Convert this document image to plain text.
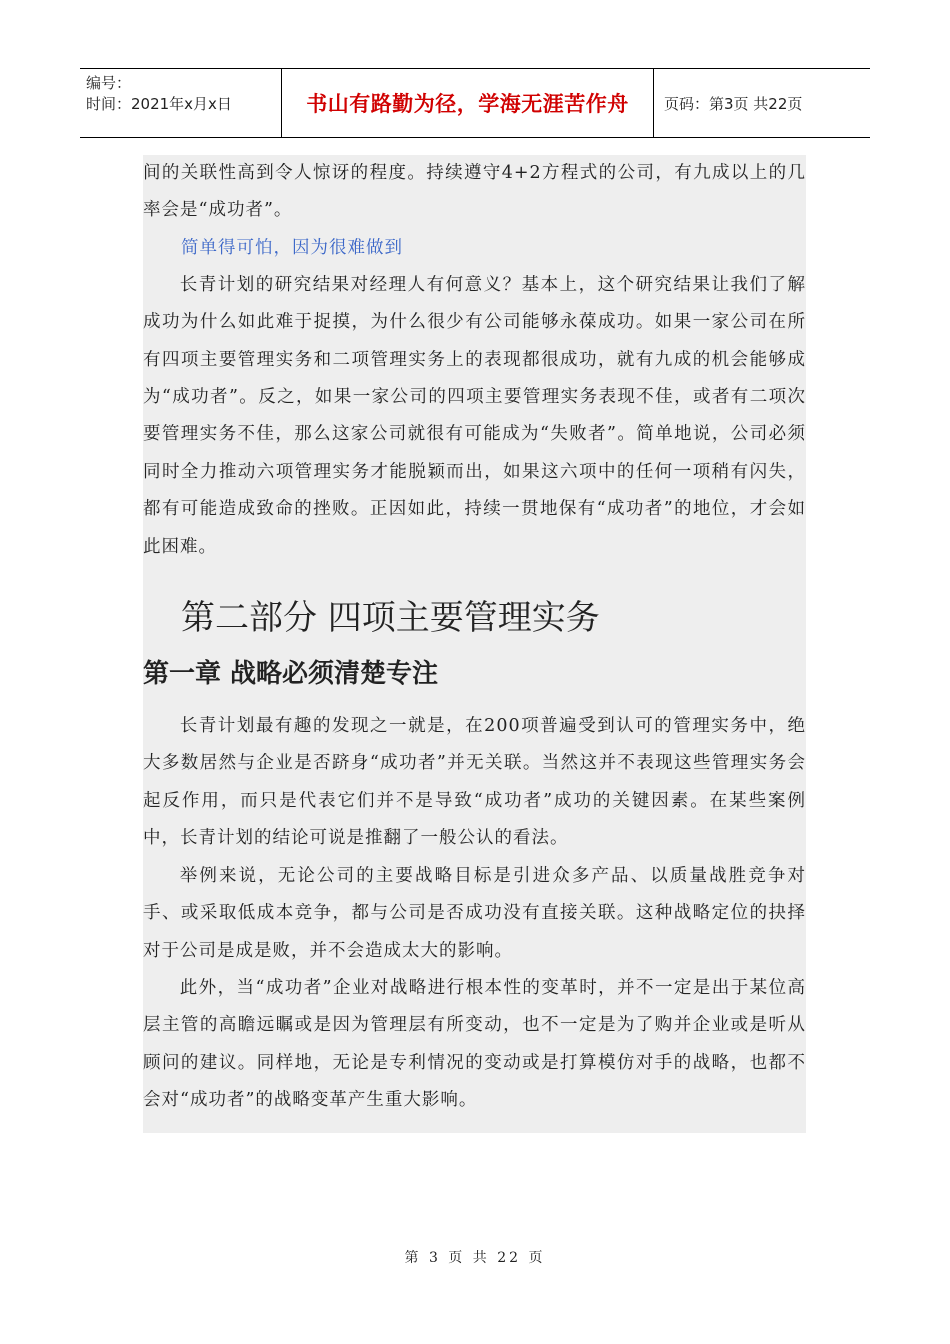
编号：
时间：2021年x月x日	书山有路勤为径，学海无涯苦作舟 页码：第3页 共22页

间的关联性高到令人惊讶的程度。持续遵守4+2方程式的公司，有九成以上的几率会是“成功者”。

简单得可怕，因为很难做到

长青计划的研究结果对经理人有何意义？基本上，这个研究结果让我们了解成功为什么如此难于捉摸，为什么很少有公司能够永葆成功。如果一家公司在所有四项主要管理实务和二项管理实务上的表现都很成功，就有九成的机会能够成为“成功者”。反之，如果一家公司的四项主要管理实务表现不佳，或者有二项次要管理实务不佳，那么这家公司就很有可能成为“失败者”。简单地说，公司必须同时全力推动六项管理实务才能脱颖而出，如果这六项中的任何一项稍有闪失，都有可能造成致命的挫败。正因如此，持续一贯地保有“成功者”的地位，才会如此困难。

第二部分 四项主要管理实务
第一章 战略必须清楚专注

长青计划最有趣的发现之一就是，在200项普遍受到认可的管理实务中，绝大多数居然与企业是否跻身“成功者”并无关联。当然这并不表现这些管理实务会起反作用，而只是代表它们并不是导致“成功者”成功的关键因素。在某些案例中，长青计划的结论可说是推翻了一般公认的看法。

举例来说，无论公司的主要战略目标是引进众多产品、以质量战胜竞争对手、或采取低成本竞争，都与公司是否成功没有直接关联。这种战略定位的抉择对于公司是成是败，并不会造成太大的影响。

此外，当“成功者”企业对战略进行根本性的变革时，并不一定是出于某位高层主管的高瞻远瞩或是因为管理层有所变动，也不一定是为了购并企业或是听从顾问的建议。同样地，无论是专利情况的变动或是打算模仿对手的战略，也都不会对“成功者”的战略变革产生重大影响。

第 3 页 共 22 页
